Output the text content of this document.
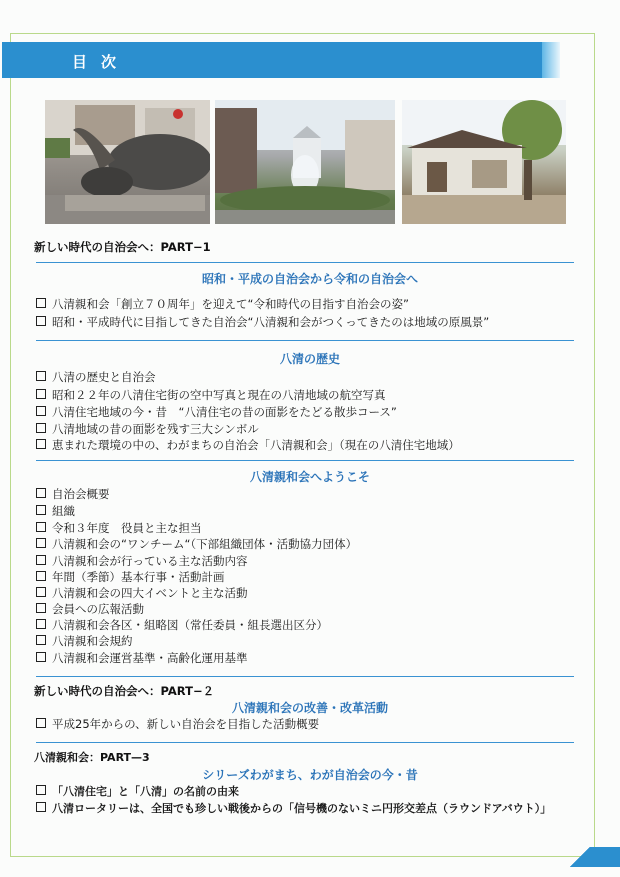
目次
新しい時代の自治会へ：PART−1
昭和・平成の自治会から令和の自治会へ
八清親和会「創立７０周年」を迎えて“令和時代の目指す自治会の姿”
昭和・平成時代に目指してきた自治会“八清親和会がつくってきたのは地域の原風景”
八清の歴史
八清の歴史と自治会
昭和２２年の八清住宅街の空中写真と現在の八清地域の航空写真
八清住宅地域の今・昔　“八清住宅の昔の面影をたどる散歩コース”
八清地域の昔の面影を残す三大シンボル
恵まれた環境の中の、わがまちの自治会「八清親和会」（現在の八清住宅地域）
八清親和会へようこそ
自治会概要
組織
令和３年度　役員と主な担当
八清親和会の“ワンチーム“（下部組織団体・活動協力団体）
八清親和会が行っている主な活動内容
年間（季節）基本行事・活動計画
八清親和会の四大イベントと主な活動
会員への広報活動
八清親和会各区・組略図（常任委員・組長選出区分）
八清親和会規約
八清親和会運営基準・高齢化運用基準
新しい時代の自治会へ：PART−２
八清親和会の改善・改革活動
平成25年からの、新しい自治会を目指した活動概要
八清親和会：PART—3
シリーズわがまち、わが自治会の今・昔
「八清住宅」と「八清」の名前の由来
八清ロータリーは、全国でも珍しい戦後からの「信号機のないミニ円形交差点（ラウンドアバウト）」
